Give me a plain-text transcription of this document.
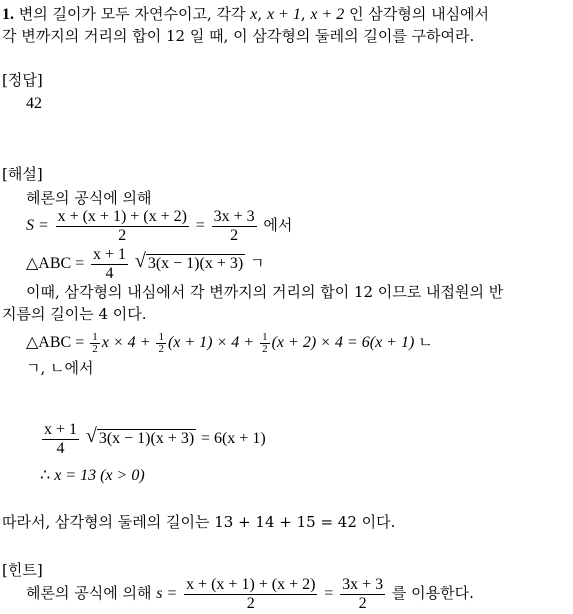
1. 변의 길이가 모두 자연수이고, 각각 x, x + 1, x + 2 인 삼각형의 내심에서
각 변까지의 거리의 합이 12 일 때, 이 삼각형의 둘레의 길이를 구하여라.
[정답]
42
[해설]
헤론의 공식에 의해
$S = \frac{x + (x + 1) + (x + 2)}{2} = \frac{3x + 3}{2}$ 에서
△ABC = $\frac{x + 1}{4}$ √ 3(x − 1)(x + 3) ㄱ
이때, 삼각형의 내심에서 각 변까지의 거리의 합이 12 이므로 내접원의 반
지름의 길이는 4 이다.
△ABC = $\frac{1}{2}$ $x \times 4 + \frac{1}{2} (x + 1) \times 4 + \frac{1}{2} (x + 2) \times 4 = 6(x + 1)$ ㄴ
ㄱ, ㄴ에서
$\frac{x + 1}{4}$ √ 3(x − 1)(x + 3) = 6(x + 1)
∴ x = 13 (x > 0)
따라서, 삼각형의 둘레의 길이는 13 + 14 + 15 = 42 이다.
[힌트]
헤론의 공식에 의해 $s = \frac{x + (x + 1) + (x + 2)}{2} = \frac{3x + 3}{2}$ 를 이용한다.
